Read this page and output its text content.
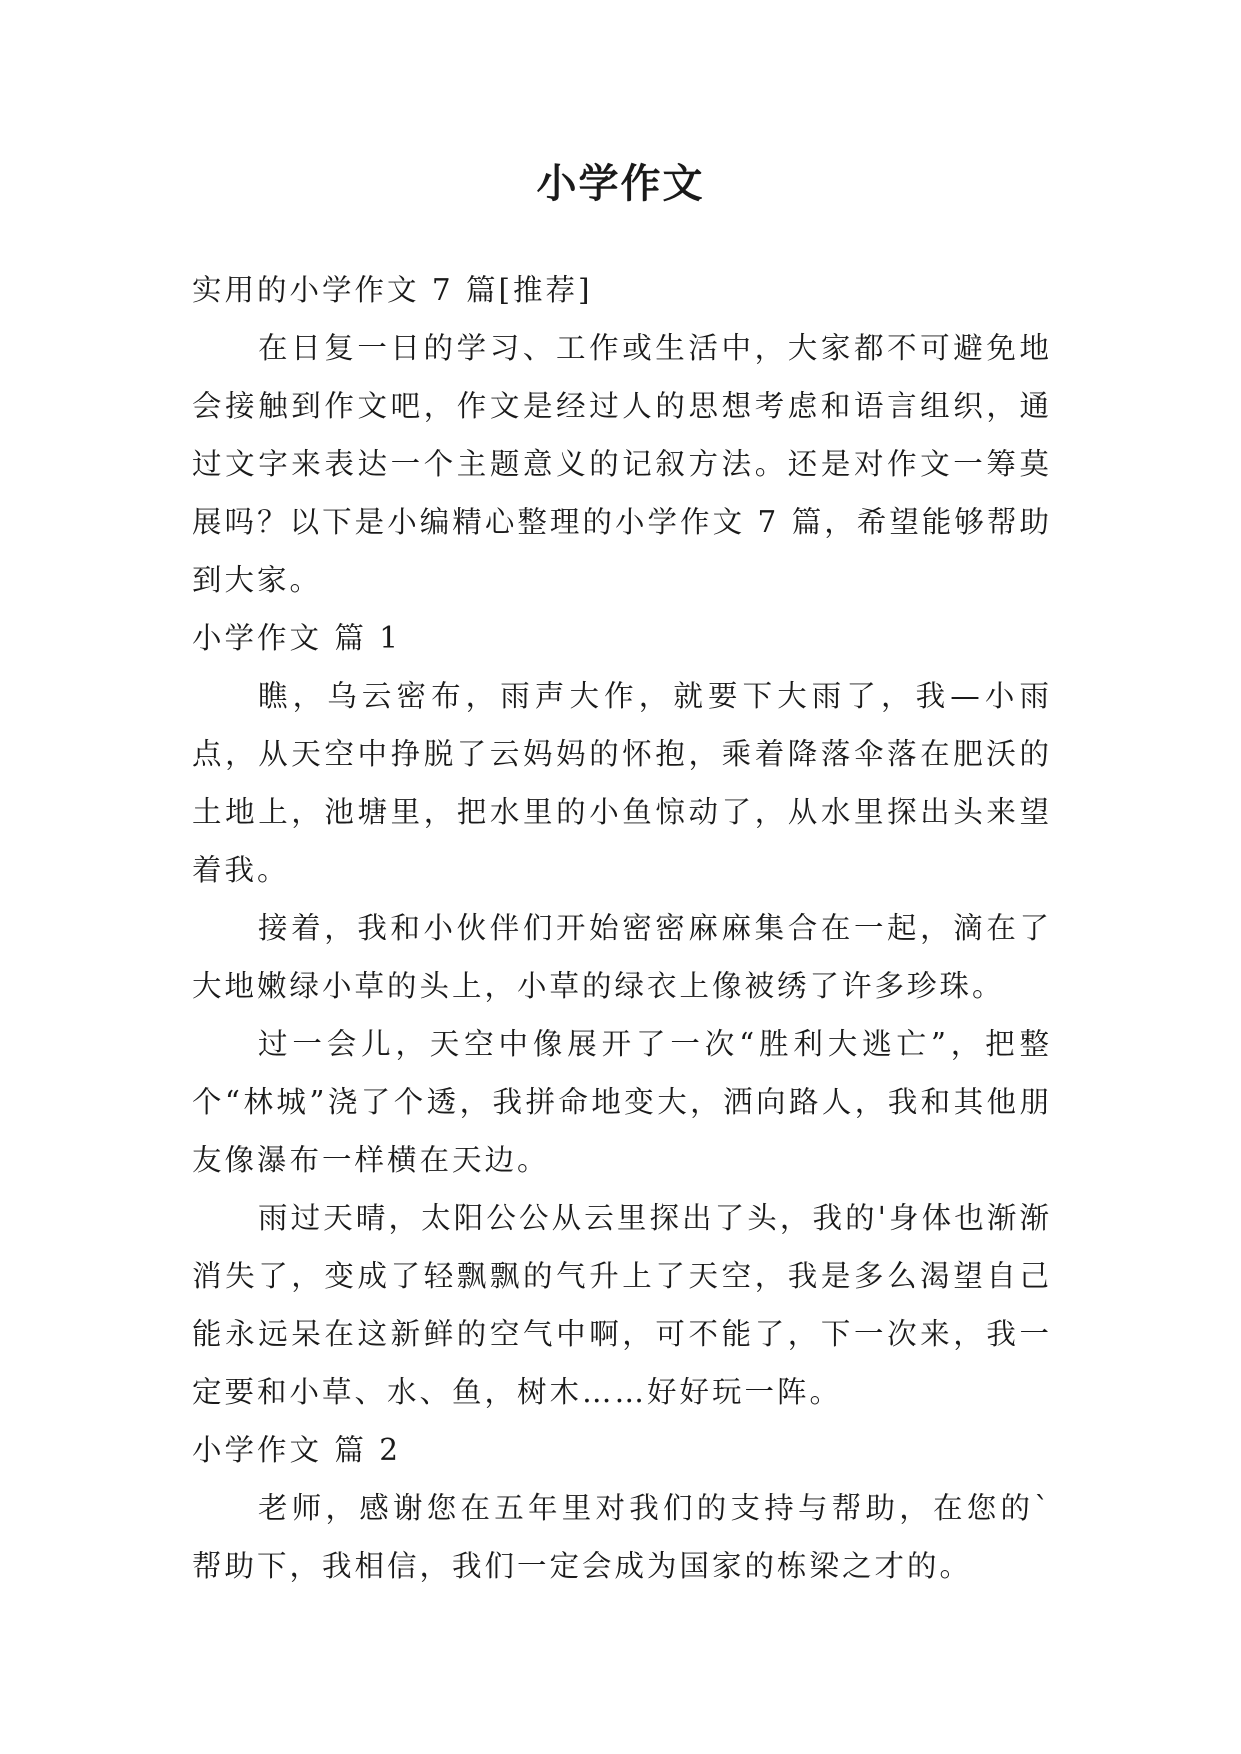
小学作文

实用的小学作文 7 篇[推荐]

在日复一日的学习、工作或生活中，大家都不可避免地会接触到作文吧，作文是经过人的思想考虑和语言组织，通过文字来表达一个主题意义的记叙方法。还是对作文一筹莫展吗？以下是小编精心整理的小学作文 7 篇，希望能够帮助到大家。

小学作文 篇 1

瞧，乌云密布，雨声大作，就要下大雨了，我—小雨点，从天空中挣脱了云妈妈的怀抱，乘着降落伞落在肥沃的土地上，池塘里，把水里的小鱼惊动了，从水里探出头来望着我。

接着，我和小伙伴们开始密密麻麻集合在一起，滴在了大地嫩绿小草的头上，小草的绿衣上像被绣了许多珍珠。

过一会儿，天空中像展开了一次“胜利大逃亡”，把整个“林城”浇了个透，我拼命地变大，洒向路人，我和其他朋友像瀑布一样横在天边。

雨过天晴，太阳公公从云里探出了头，我的'身体也渐渐消失了，变成了轻飘飘的气升上了天空，我是多么渴望自己能永远呆在这新鲜的空气中啊，可不能了，下一次来，我一定要和小草、水、鱼，树木……好好玩一阵。

小学作文 篇 2

老师，感谢您在五年里对我们的支持与帮助，在您的`帮助下，我相信，我们一定会成为国家的栋梁之才的。
